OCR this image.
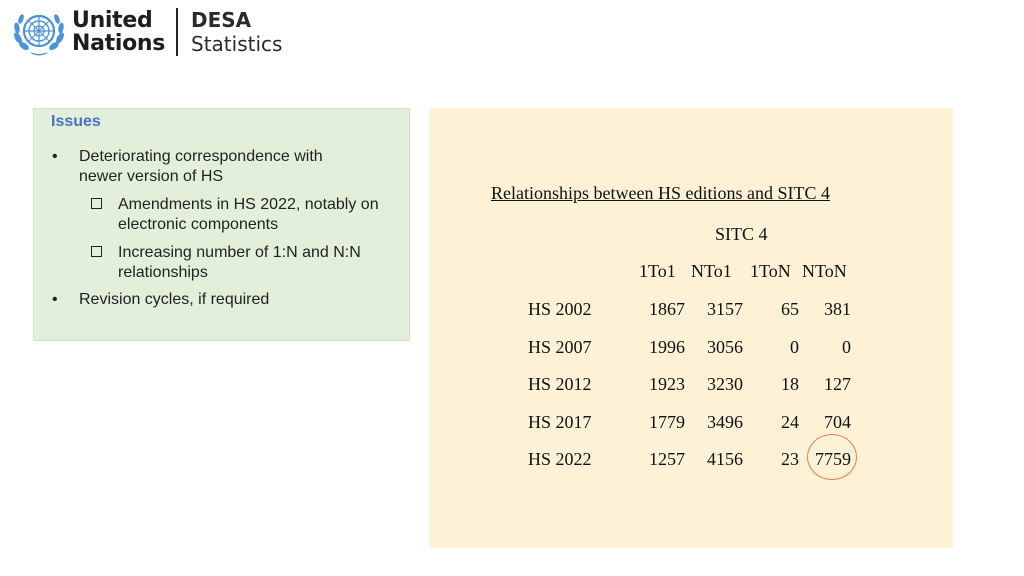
United
Nations
DESA
Statistics
Issues
• Deteriorating correspondence with
newer version of HS
Amendments in HS 2022, notably on
electronic components
Increasing number of 1:N and N:N
relationships
• Revision cycles, if required
Relationships between HS editions and SITC 4
SITC 4
1To1 NTo1 1ToN NToN
HS 2002	1867	3157	65	381
HS 2007	1996	3056	0	0
HS 2012	1923	3230	18	127
HS 2017	1779	3496	24	704
HS 2022	1257	4156	23 7759
